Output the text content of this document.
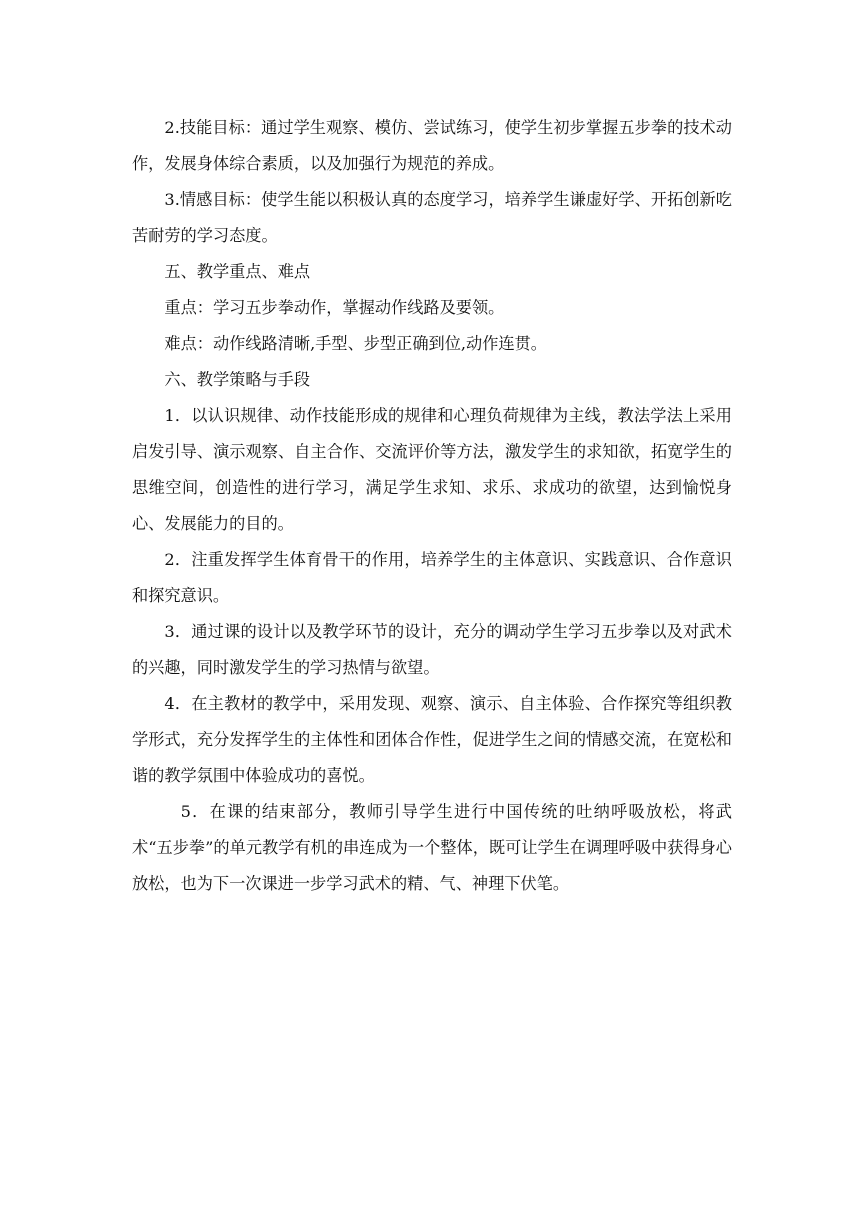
2.技能目标：通过学生观察、模仿、尝试练习，使学生初步掌握五步拳的技术动作，发展身体综合素质，以及加强行为规范的养成。

3.情感目标：使学生能以积极认真的态度学习，培养学生谦虚好学、开拓创新吃苦耐劳的学习态度。

五、教学重点、难点

重点：学习五步拳动作，掌握动作线路及要领。

难点：动作线路清晰,手型、步型正确到位,动作连贯。

六、教学策略与手段

1．以认识规律、动作技能形成的规律和心理负荷规律为主线，教法学法上采用启发引导、演示观察、自主合作、交流评价等方法，激发学生的求知欲，拓宽学生的思维空间，创造性的进行学习，满足学生求知、求乐、求成功的欲望，达到愉悦身心、发展能力的目的。

2．注重发挥学生体育骨干的作用，培养学生的主体意识、实践意识、合作意识和探究意识。

3．通过课的设计以及教学环节的设计，充分的调动学生学习五步拳以及对武术的兴趣，同时激发学生的学习热情与欲望。

4．在主教材的教学中，采用发现、观察、演示、自主体验、合作探究等组织教学形式，充分发挥学生的主体性和团体合作性，促进学生之间的情感交流，在宽松和谐的教学氛围中体验成功的喜悦。

5．在课的结束部分，教师引导学生进行中国传统的吐纳呼吸放松，将武术“五步拳”的单元教学有机的串连成为一个整体，既可让学生在调理呼吸中获得身心放松，也为下一次课进一步学习武术的精、气、神理下伏笔。
